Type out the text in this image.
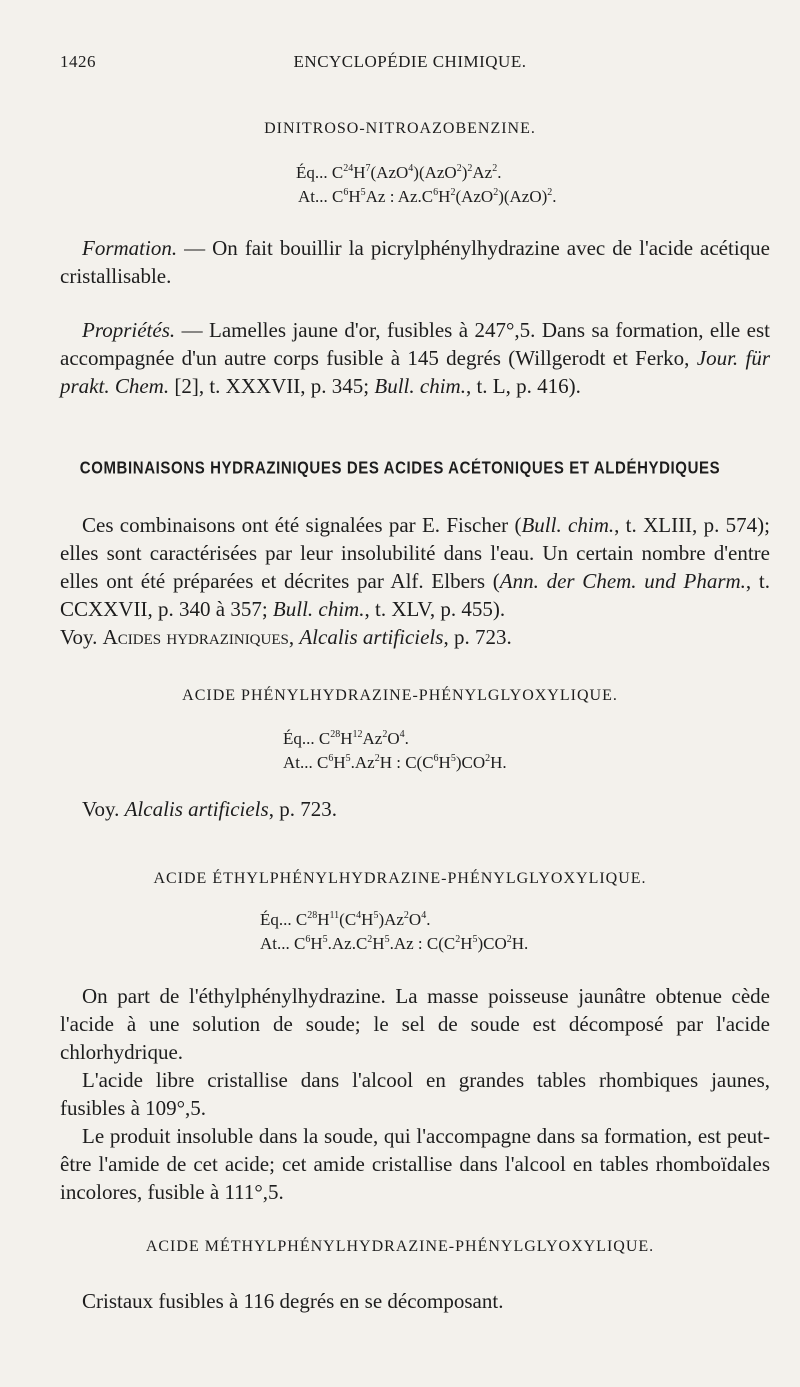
1426	ENCYCLOPÉDIE CHIMIQUE.
DINITROSO-NITROAZOBENZINE.
Éq... $C^{24}H^7(AzO^4)(AzO^2)^2Az^2$.
At... $C^6H^5Az$ : $Az.C^6H^2(AzO^2)(AzO)^2$.

Formation. — On fait bouillir la picrylphénylhydrazine avec de l'acide acétique cristallisable.

Propriétés. — Lamelles jaune d'or, fusibles à 247°,5. Dans sa formation, elle est accompagnée d'un autre corps fusible à 145 degrés (Willgerodt et Ferko, Jour. für prakt. Chem. [2], t. XXXVII, p. 345; Bull. chim., t. L, p. 416).

COMBINAISONS HYDRAZINIQUES DES ACIDES ACÉTONIQUES ET ALDÉHYDIQUES

Ces combinaisons ont été signalées par E. Fischer (Bull. chim., t. XLIII, p. 574); elles sont caractérisées par leur insolubilité dans l'eau. Un certain nombre d'entre elles ont été préparées et décrites par Alf. Elbers (Ann. der Chem. und Pharm., t. CCXXVII, p. 340 à 357; Bull. chim., t. XLV, p. 455).

Voy. Acides hydraziniques, Alcalis artificiels, p. 723.

ACIDE PHÉNYLHYDRAZINE-PHÉNYLGLYOXYLIQUE.
Éq... $C^{28}H^{12}Az^2O^4$.
At... $C^6H^5.Az^2H$ : $C(C^6H^5)CO^2H$.

Voy. Alcalis artificiels, p. 723.

ACIDE ÉTHYLPHÉNYLHYDRAZINE-PHÉNYLGLYOXYLIQUE.
Éq... $C^{28}H^{11}(C^4H^5)Az^2O^4$.
At... $C^6H^5.Az.C^2H^5.Az$ : $C(C^2H^5)CO^2H$.

On part de l'éthylphénylhydrazine. La masse poisseuse jaunâtre obtenue cède l'acide à une solution de soude; le sel de soude est décomposé par l'acide chlorhydrique.

L'acide libre cristallise dans l'alcool en grandes tables rhombiques jaunes, fusibles à 109°,5.

Le produit insoluble dans la soude, qui l'accompagne dans sa formation, est peut-être l'amide de cet acide; cet amide cristallise dans l'alcool en tables rhomboïdales incolores, fusible à 111°,5.

ACIDE MÉTHYLPHÉNYLHYDRAZINE-PHÉNYLGLYOXYLIQUE.

Cristaux fusibles à 116 degrés en se décomposant.
